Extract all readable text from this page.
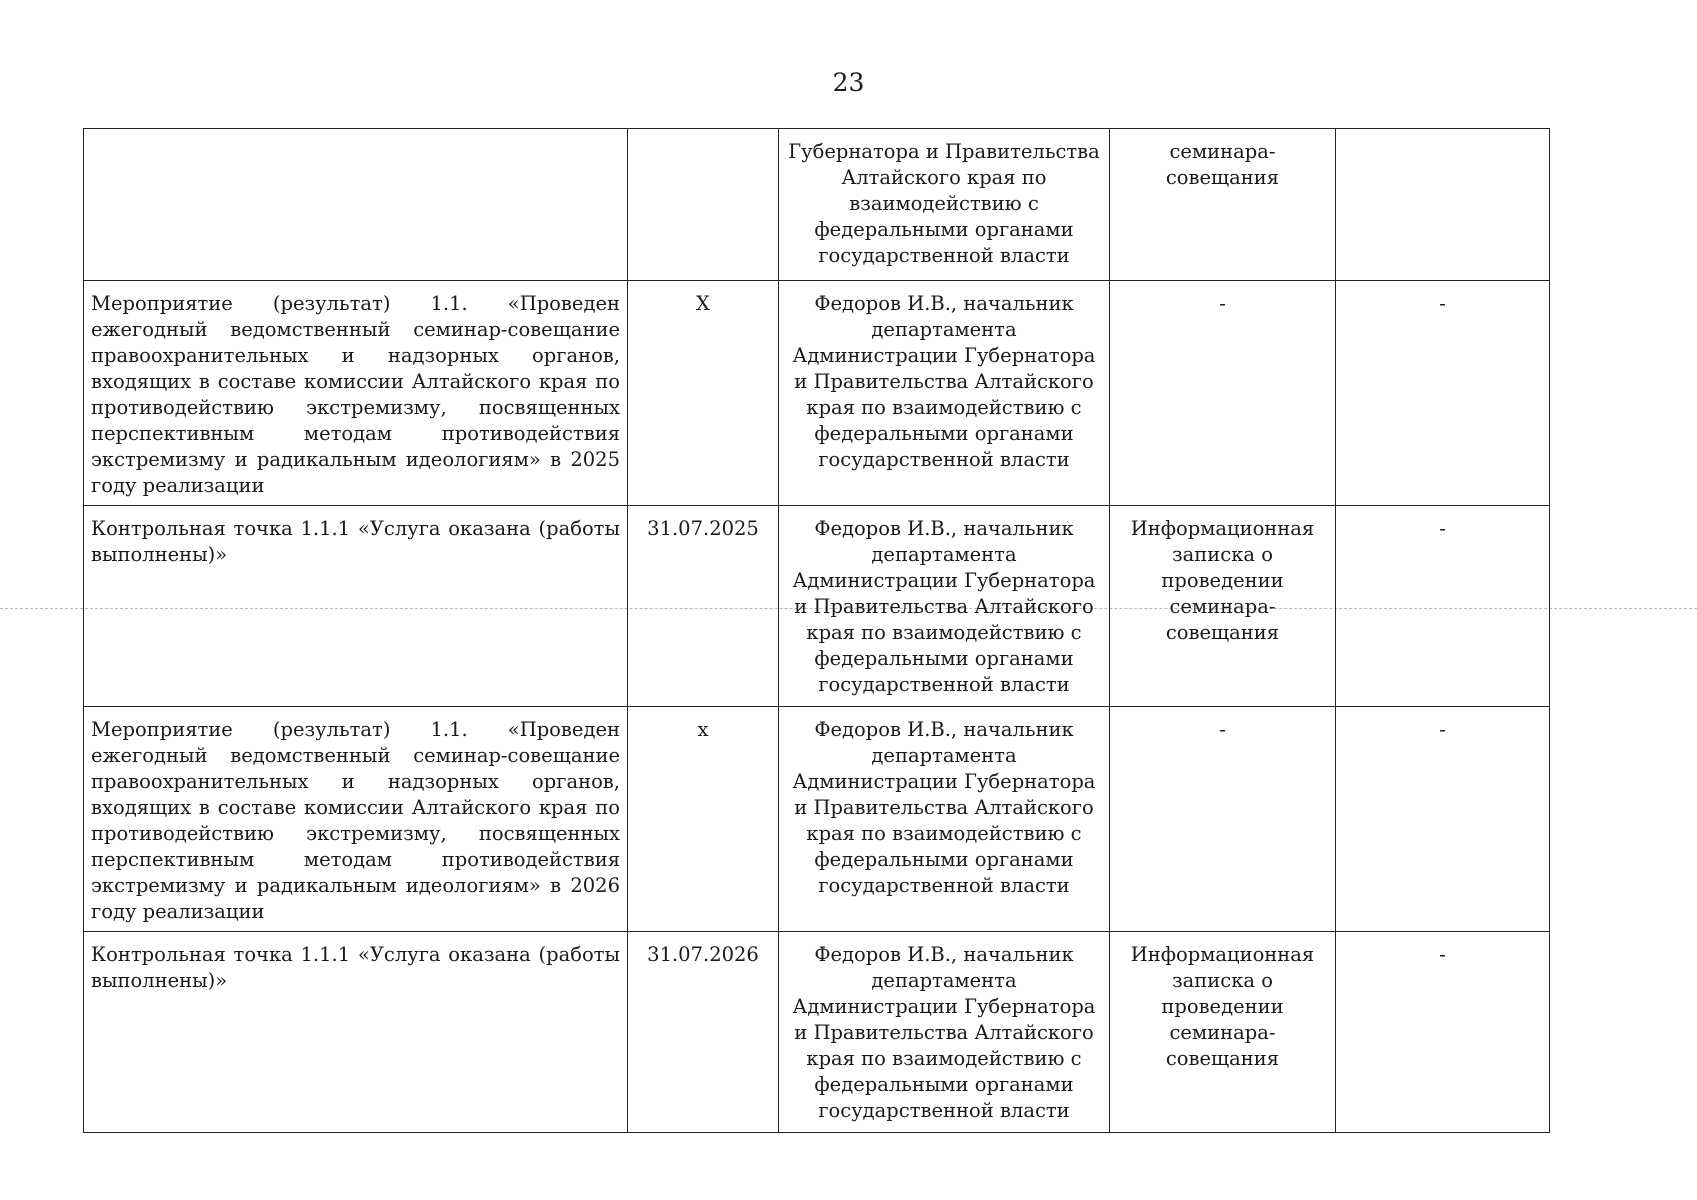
23
		Губернатора и Правительства Алтайского края по взаимодействию с федеральными органами государственной власти	семинара-совещания	
Мероприятие (результат) 1.1. «Проведен ежегодный ведомственный семинар-совещание правоохранительных и надзорных органов, входящих в составе комиссии Алтайского края по противодействию экстремизму, посвященных перспективным методам противодействия экстремизму и радикальным идеологиям» в 2025 году реализации	Х	Федоров И.В., начальник департамента Администрации Губернатора и Правительства Алтайского края по взаимодействию с федеральными органами государственной власти	-	-
Контрольная точка 1.1.1 «Услуга оказана (работы выполнены)»	31.07.2025	Федоров И.В., начальник департамента Администрации Губернатора и Правительства Алтайского края по взаимодействию с федеральными органами государственной власти	Информационная записка о проведении семинара-совещания	-
Мероприятие (результат) 1.1. «Проведен ежегодный ведомственный семинар-совещание правоохранительных и надзорных органов, входящих в составе комиссии Алтайского края по противодействию экстремизму, посвященных перспективным методам противодействия экстремизму и радикальным идеологиям» в 2026 году реализации	х	Федоров И.В., начальник департамента Администрации Губернатора и Правительства Алтайского края по взаимодействию с федеральными органами государственной власти	-	-
Контрольная точка 1.1.1 «Услуга оказана (работы выполнены)»	31.07.2026	Федоров И.В., начальник департамента Администрации Губернатора и Правительства Алтайского края по взаимодействию с федеральными органами государственной власти	Информационная записка о проведении семинара-совещания	-
